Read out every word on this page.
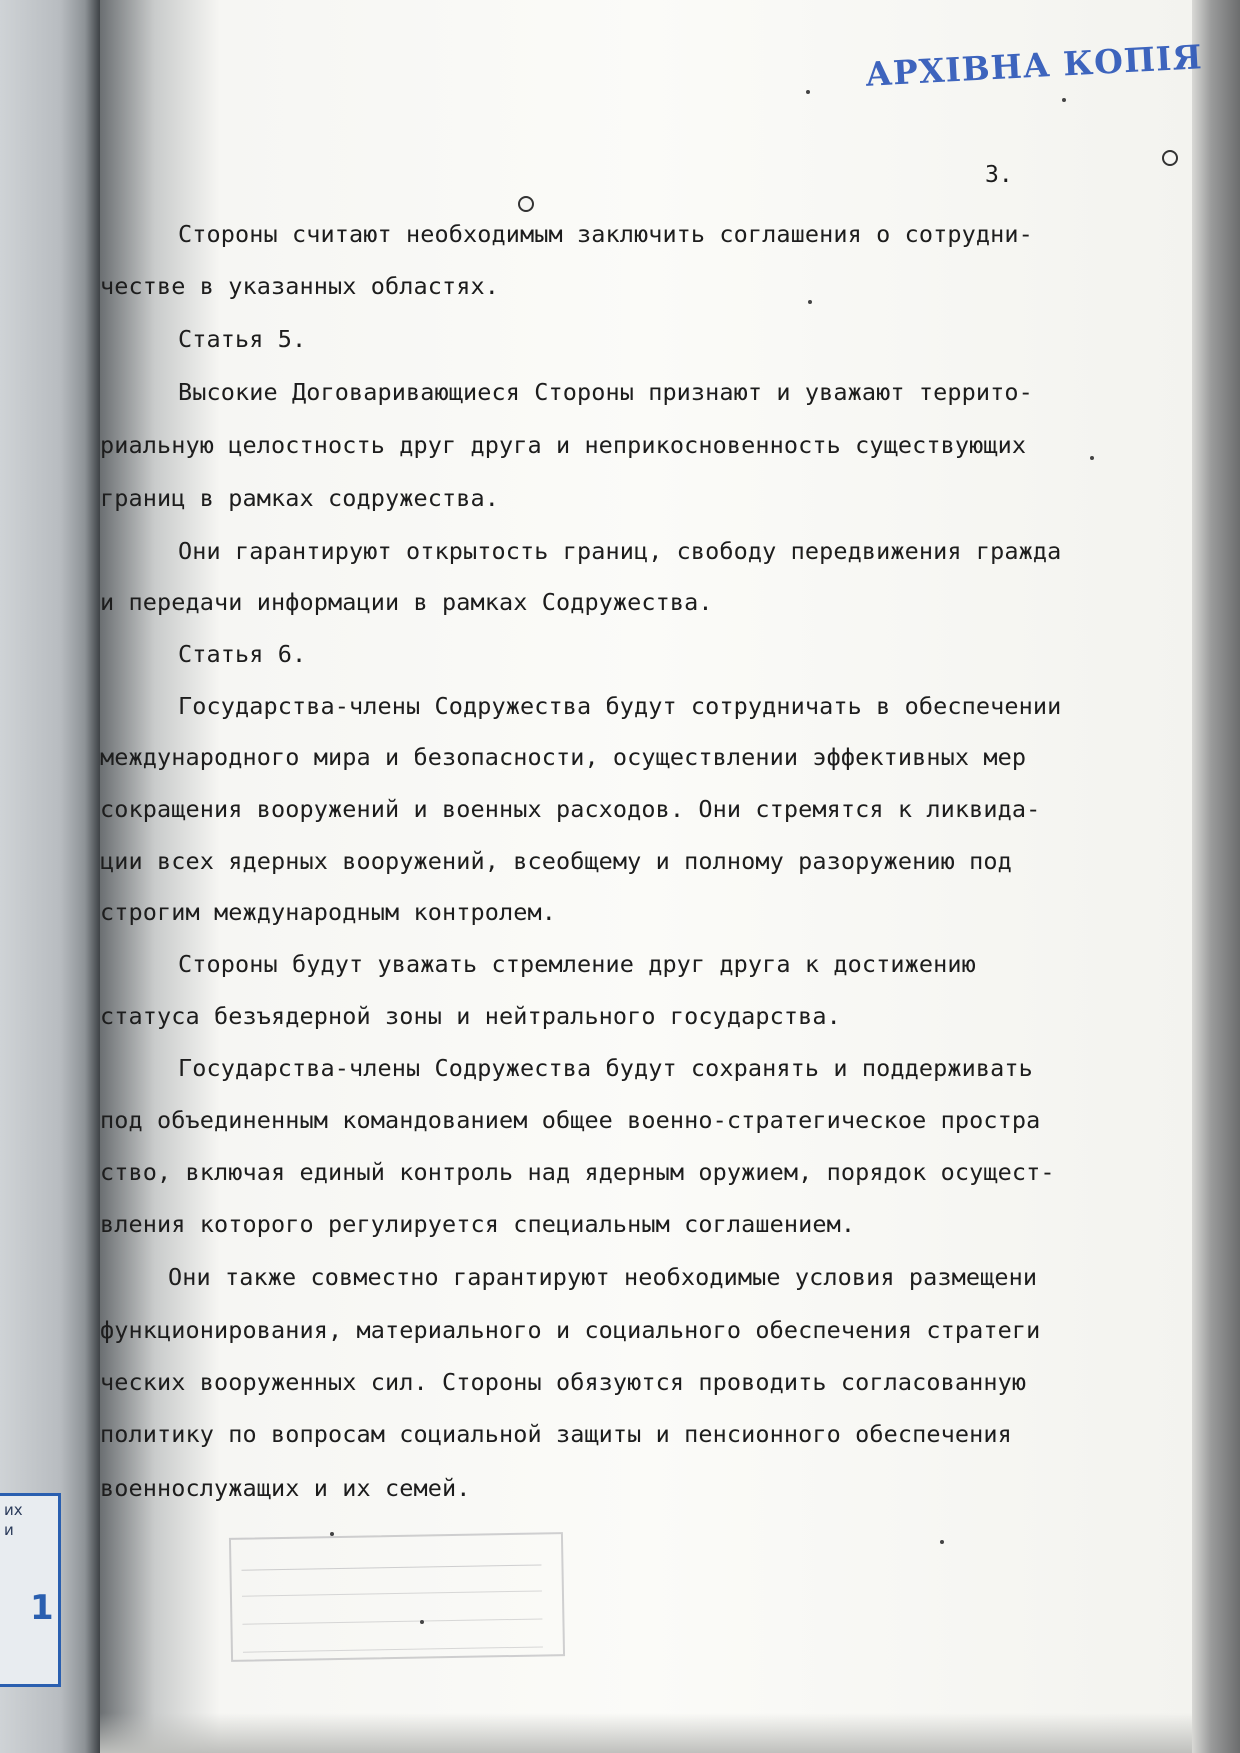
АРХІВНА КОПІЯ
3.
Стороны считают необходимым заключить соглашения о сотрудни-
честве в указанных областях.
Статья 5.
Высокие Договаривающиеся Стороны признают и уважают террито-
риальную целостность друг друга и неприкосновенность существующих
границ в рамках содружества.
Они гарантируют открытость границ, свободу передвижения гражда
и передачи информации в рамках Содружества.
Статья 6.
Государства-члены Содружества будут сотрудничать в обеспечении
международного мира и безопасности, осуществлении эффективных мер
сокращения вооружений и военных расходов. Они стремятся к ликвида-
ции всех ядерных вооружений, всеобщему и полному разоружению под
строгим международным контролем.
Стороны будут уважать стремление друг друга к достижению
статуса безъядерной зоны и нейтрального государства.
Государства-члены Содружества будут сохранять и поддерживать
под объединенным командованием общее военно-стратегическое простра
ство, включая единый контроль над ядерным оружием, порядок осущест-
вления которого регулируется специальным соглашением.
Они также совместно гарантируют необходимые условия размещени
функционирования, материального и социального обеспечения стратеги
ческих вооруженных сил. Стороны обязуются проводить согласованную
политику по вопросам социальной защиты и пенсионного обеспечения
военнослужащих и их семей.
их
и
1
